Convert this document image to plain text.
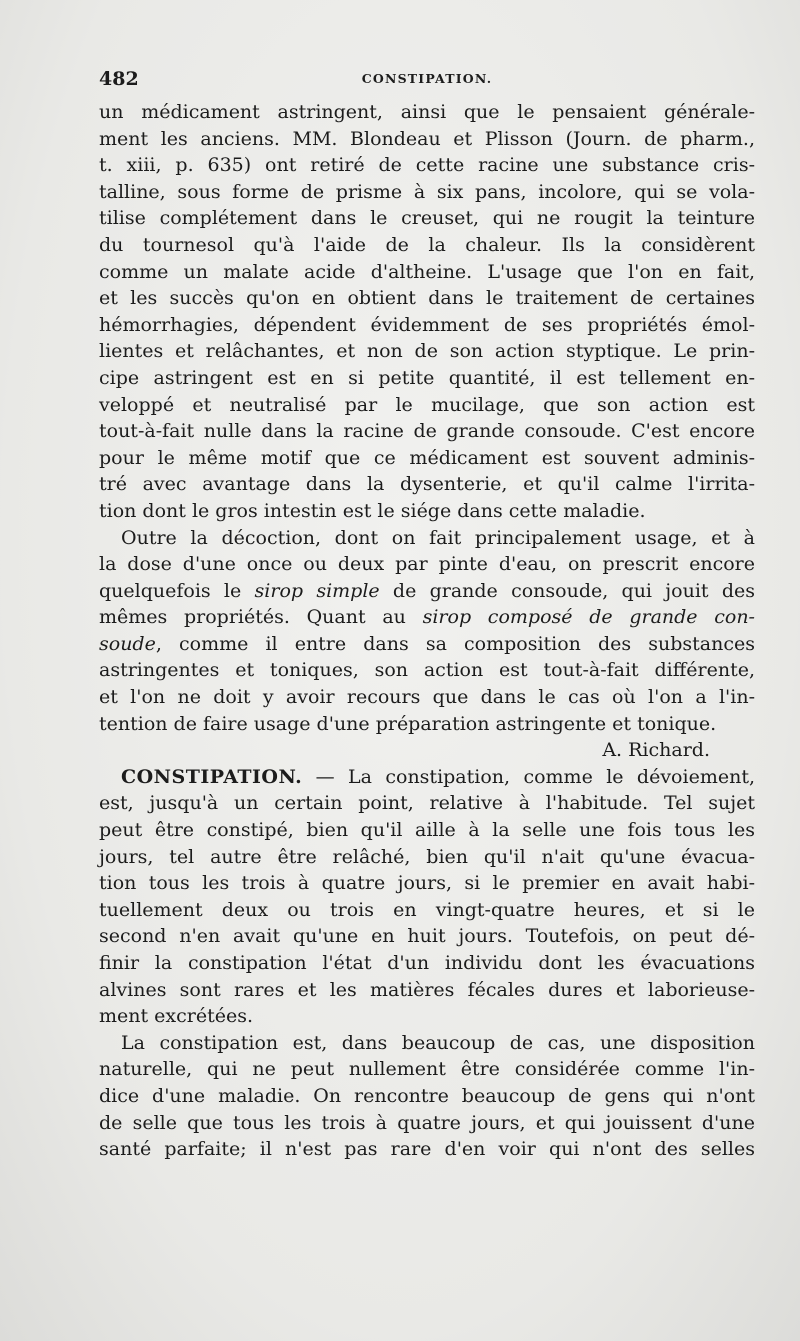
482	CONSTIPATION.
un médicament astringent, ainsi que le pensaient générale-
ment les anciens. MM. Blondeau et Plisson (Journ. de pharm.,
t. xiii, p. 635) ont retiré de cette racine une substance cris-
talline, sous forme de prisme à six pans, incolore, qui se vola-
tilise complétement dans le creuset, qui ne rougit la teinture
du tournesol qu'à l'aide de la chaleur. Ils la considèrent
comme un malate acide d'altheine. L'usage que l'on en fait,
et les succès qu'on en obtient dans le traitement de certaines
hémorrhagies, dépendent évidemment de ses propriétés émol-
lientes et relâchantes, et non de son action styptique. Le prin-
cipe astringent est en si petite quantité, il est tellement en-
veloppé et neutralisé par le mucilage, que son action est
tout-à-fait nulle dans la racine de grande consoude. C'est encore
pour le même motif que ce médicament est souvent adminis-
tré avec avantage dans la dysenterie, et qu'il calme l'irrita-
tion dont le gros intestin est le siége dans cette maladie.
Outre la décoction, dont on fait principalement usage, et à
la dose d'une once ou deux par pinte d'eau, on prescrit encore
quelquefois le sirop simple de grande consoude, qui jouit des
mêmes propriétés. Quant au sirop composé de grande con-
soude, comme il entre dans sa composition des substances
astringentes et toniques, son action est tout-à-fait différente,
et l'on ne doit y avoir recours que dans le cas où l'on a l'in-
tention de faire usage d'une préparation astringente et tonique.
A. Richard.
CONSTIPATION. — La constipation, comme le dévoiement,
est, jusqu'à un certain point, relative à l'habitude. Tel sujet
peut être constipé, bien qu'il aille à la selle une fois tous les
jours, tel autre être relâché, bien qu'il n'ait qu'une évacua-
tion tous les trois à quatre jours, si le premier en avait habi-
tuellement deux ou trois en vingt-quatre heures, et si le
second n'en avait qu'une en huit jours. Toutefois, on peut dé-
finir la constipation l'état d'un individu dont les évacuations
alvines sont rares et les matières fécales dures et laborieuse-
ment excrétées.
La constipation est, dans beaucoup de cas, une disposition
naturelle, qui ne peut nullement être considérée comme l'in-
dice d'une maladie. On rencontre beaucoup de gens qui n'ont
de selle que tous les trois à quatre jours, et qui jouissent d'une
santé parfaite; il n'est pas rare d'en voir qui n'ont des selles
